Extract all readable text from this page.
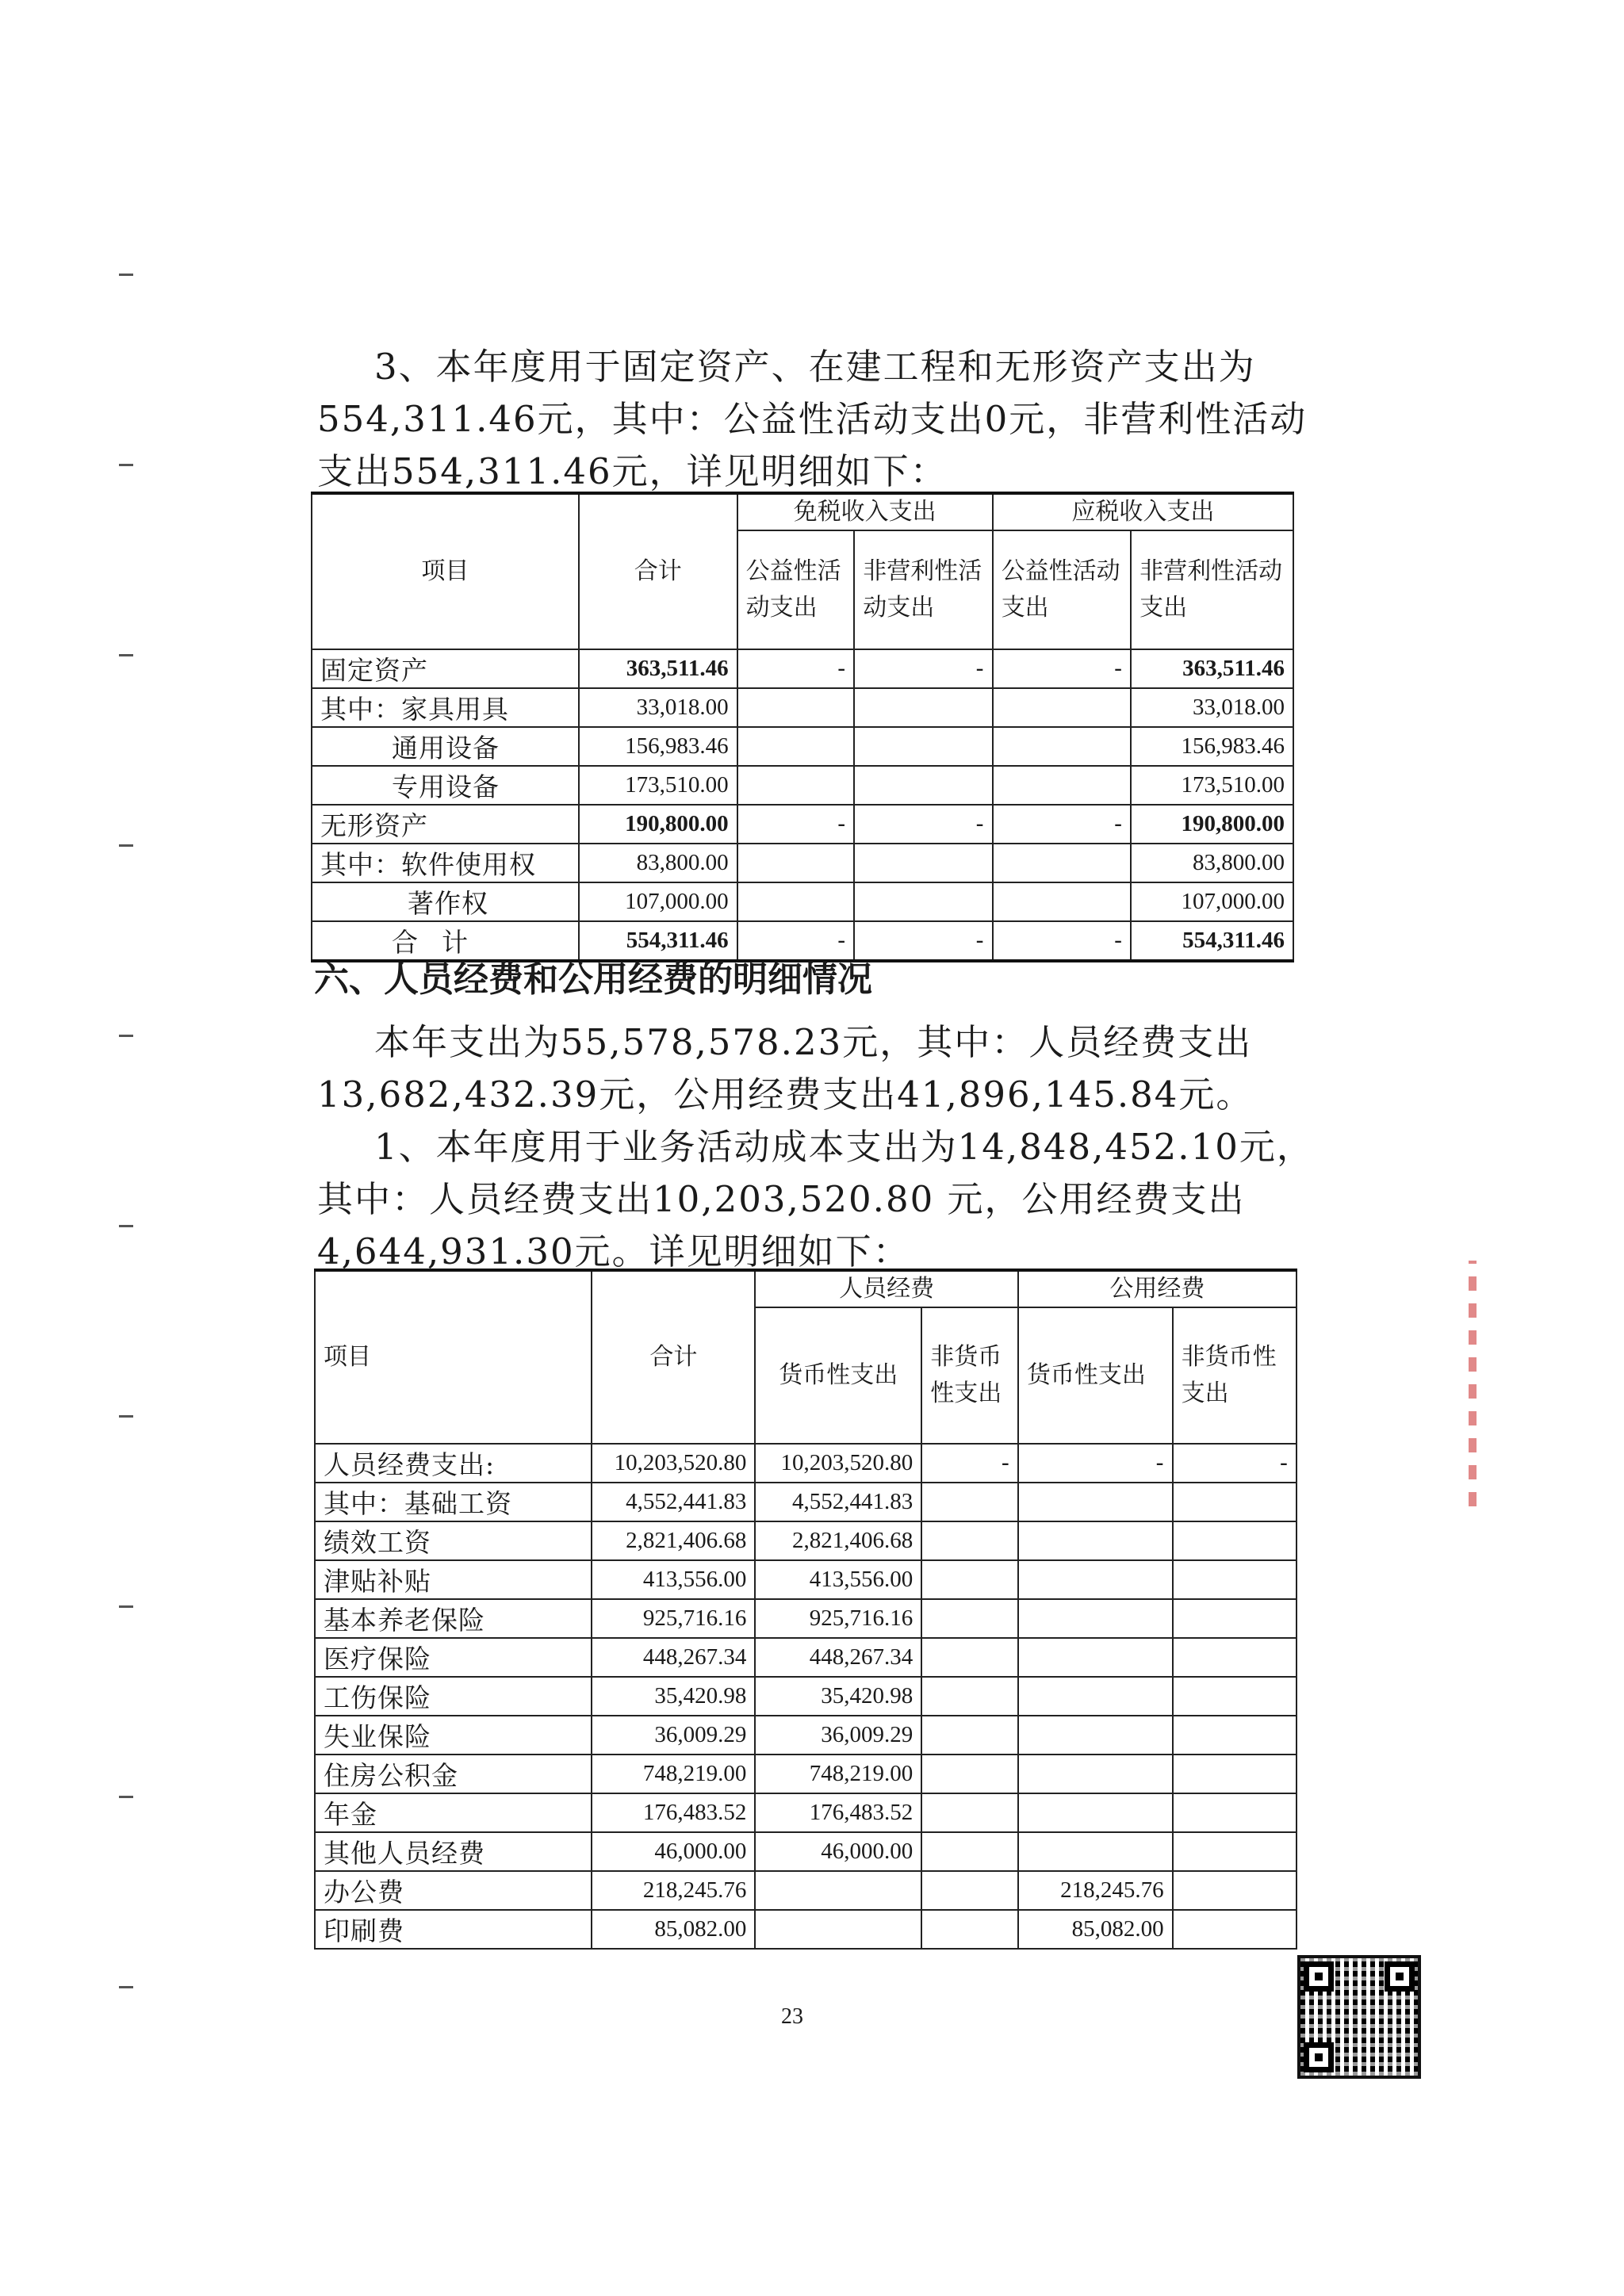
3、本年度用于固定资产、在建工程和无形资产支出为
554,311.46元，其中：公益性活动支出0元，非营利性活动
支出554,311.46元，详见明细如下：

项目	合计	免税收入支出		应税收入支出	
		公益性活动支出	非营利性活动支出	公益性活动支出	非营利性活动支出
固定资产	363,511.46	-	-	-	363,511.46
其中：家具用具	33,018.00				33,018.00
通用设备	156,983.46				156,983.46
专用设备	173,510.00				173,510.00
无形资产	190,800.00	-	-	-	190,800.00
其中：软件使用权	83,800.00				83,800.00
著作权	107,000.00				107,000.00
合计	554,311.46	-	-	-	554,311.46
六、人员经费和公用经费的明细情况

本年支出为55,578,578.23元，其中：人员经费支出
13,682,432.39元，公用经费支出41,896,145.84元。
1、本年度用于业务活动成本支出为14,848,452.10元，
其中：人员经费支出10,203,520.80 元，公用经费支出
4,644,931.30元。详见明细如下：

项目	合计	人员经费		公用经费	
		货币性支出	非货币性支出	货币性支出	非货币性支出
人员经费支出:	10,203,520.80	10,203,520.80	-	-	-
其中：基础工资	4,552,441.83	4,552,441.83			
绩效工资	2,821,406.68	2,821,406.68			
津贴补贴	413,556.00	413,556.00			
基本养老保险	925,716.16	925,716.16			
医疗保险	448,267.34	448,267.34			
工伤保险	35,420.98	35,420.98			
失业保险	36,009.29	36,009.29			
住房公积金	748,219.00	748,219.00			
年金	176,483.52	176,483.52			
其他人员经费	46,000.00	46,000.00			
办公费	218,245.76			218,245.76	
印刷费	85,082.00			85,082.00	
23
